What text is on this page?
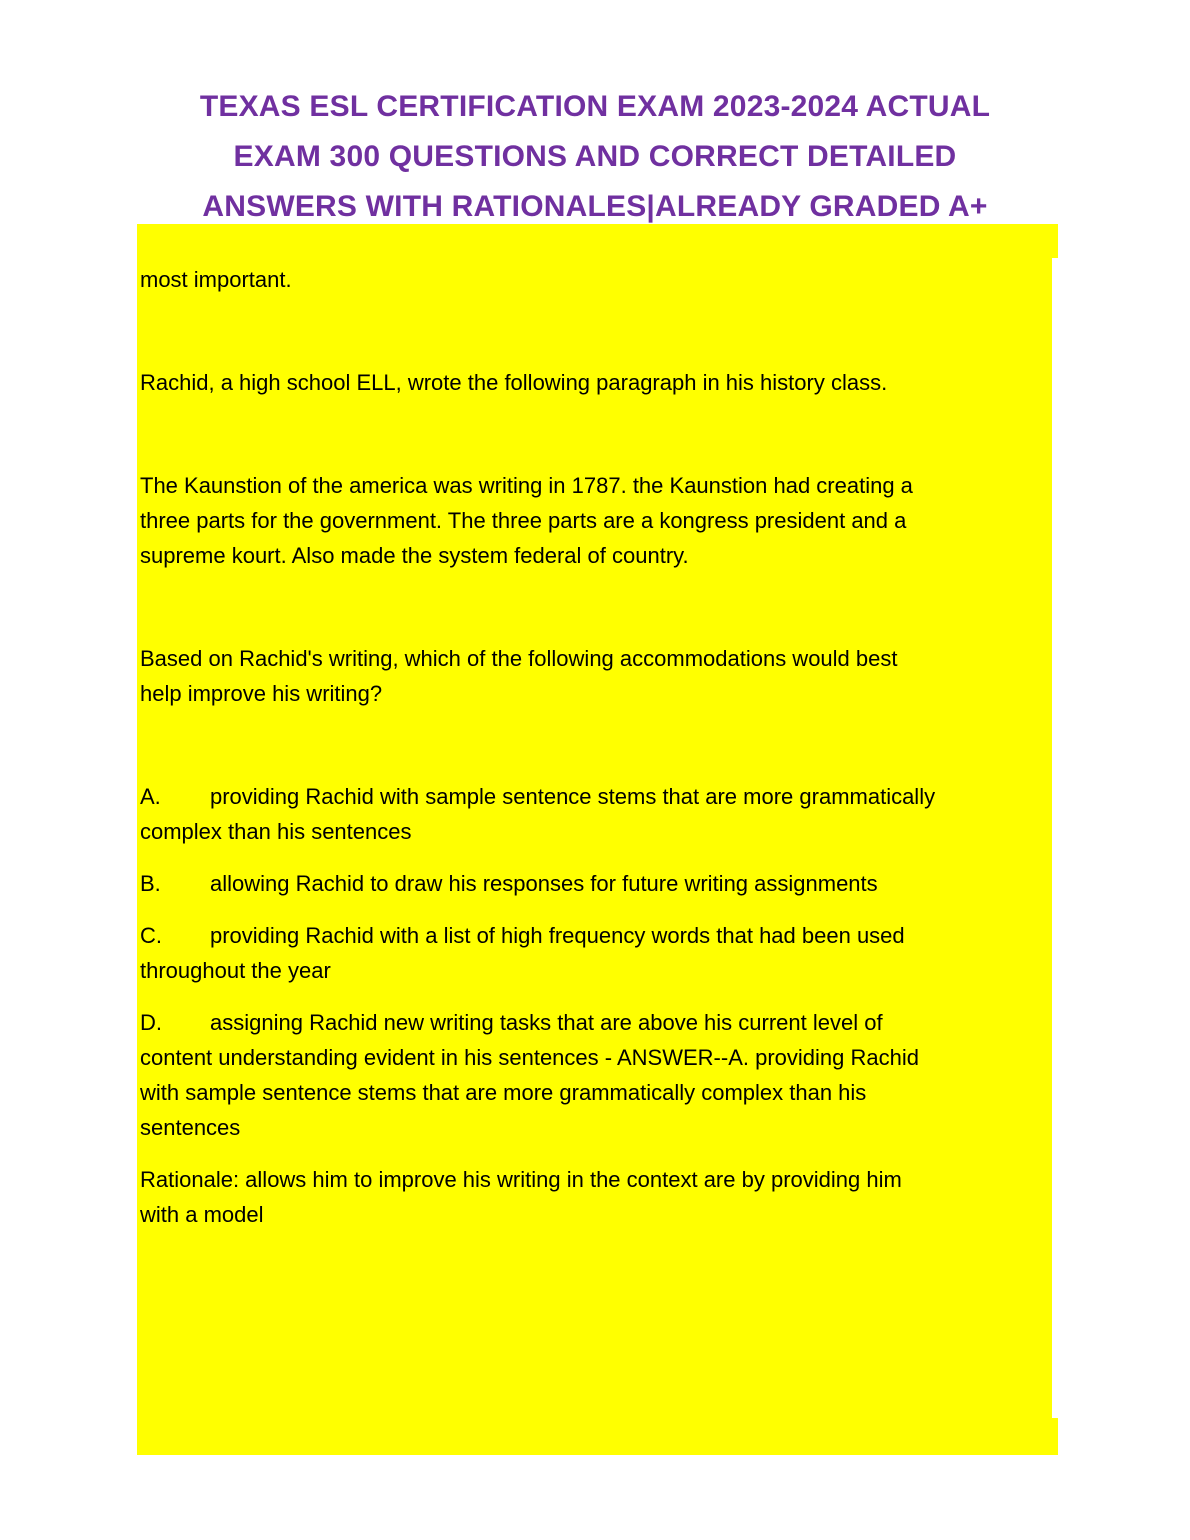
TEXAS ESL CERTIFICATION EXAM 2023-2024 ACTUAL
EXAM 300 QUESTIONS AND CORRECT DETAILED
ANSWERS WITH RATIONALES|ALREADY GRADED A+

most important.

Rachid, a high school ELL, wrote the following paragraph in his history class.

The Kaunstion of the america was writing in 1787. the Kaunstion had creating a

three parts for the government. The three parts are a kongress president and a

supreme kourt. Also made the system federal of country.

Based on Rachid's writing, which of the following accommodations would best

help improve his writing?

A. providing Rachid with sample sentence stems that are more grammatically

complex than his sentences

B. allowing Rachid to draw his responses for future writing assignments

C. providing Rachid with a list of high frequency words that had been used

throughout the year

D. assigning Rachid new writing tasks that are above his current level of

content understanding evident in his sentences - ANSWER--A. providing Rachid

with sample sentence stems that are more grammatically complex than his

sentences

Rationale: allows him to improve his writing in the context are by providing him

with a model
